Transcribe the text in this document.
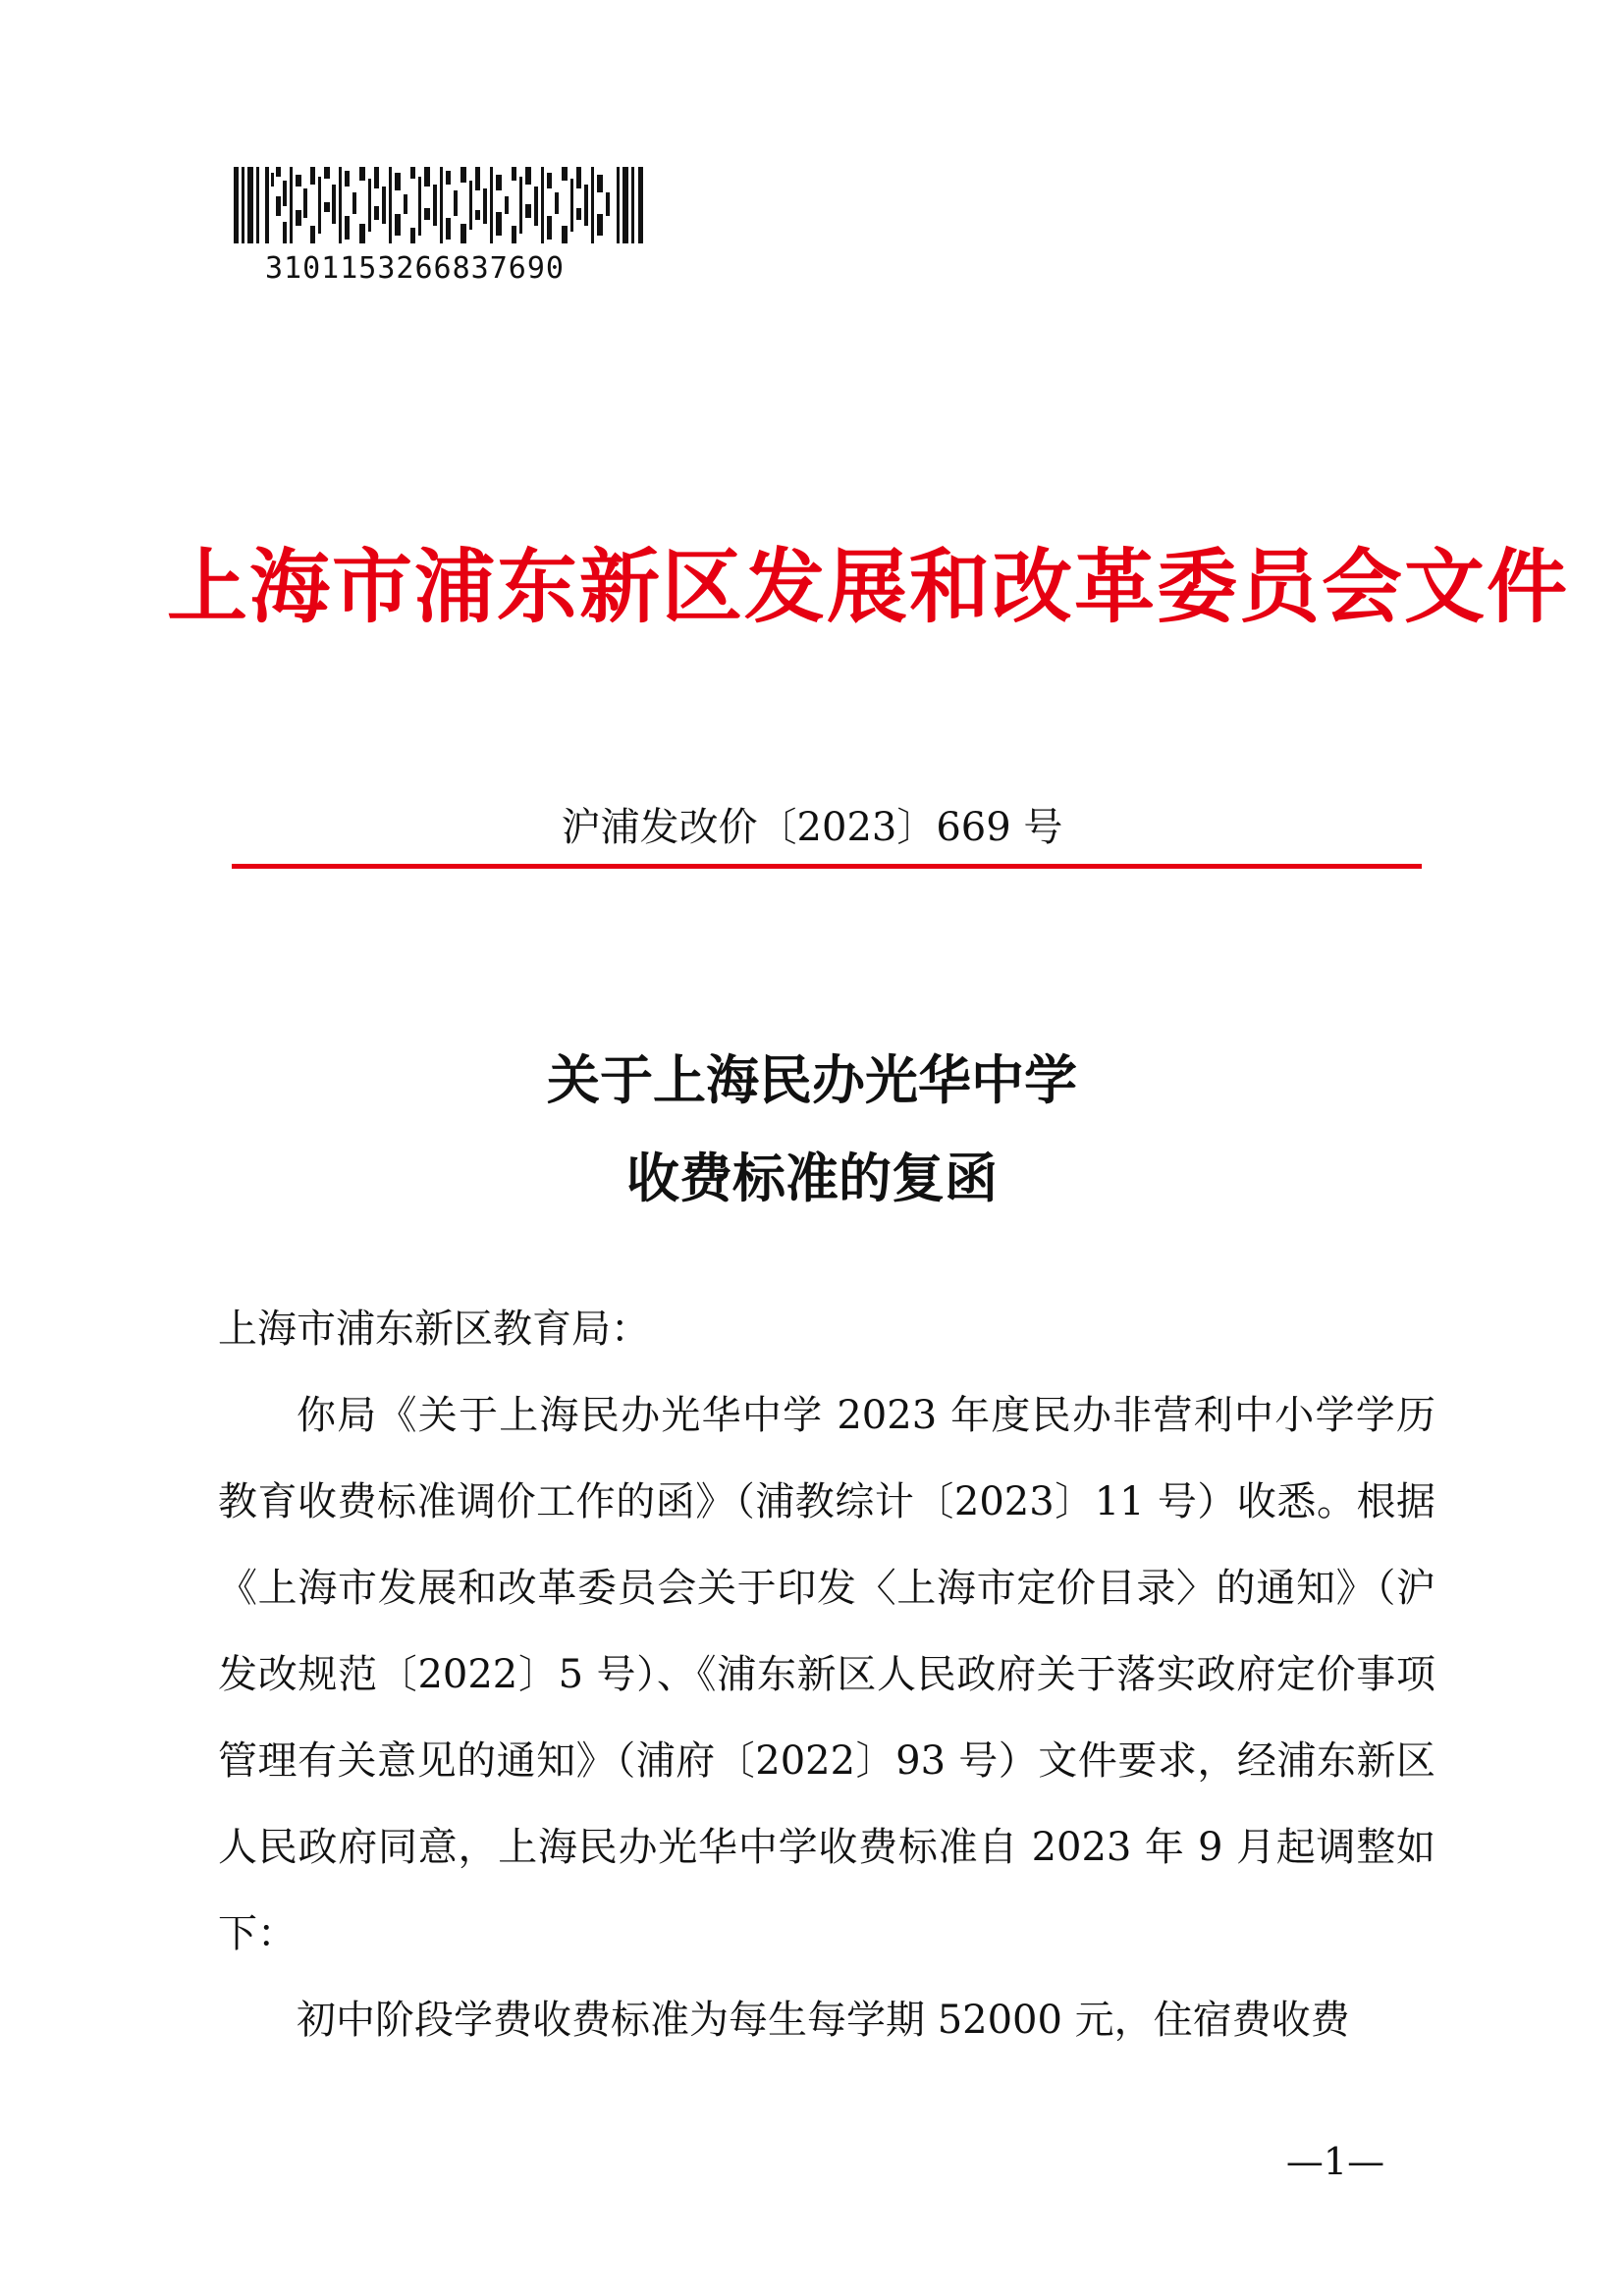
3101153266837690
上海市浦东新区发展和改革委员会文件
沪浦发改价〔2023〕669 号
关于上海民办光华中学
收费标准的复函

上海市浦东新区教育局：

你局《关于上海民办光华中学 2023 年度民办非营利中小学学历教育收费标准调价工作的函》（浦教综计〔2023〕11 号）收悉。根据《上海市发展和改革委员会关于印发〈上海市定价目录〉的通知》（沪发改规范〔2022〕5 号）、《浦东新区人民政府关于落实政府定价事项管理有关意见的通知》（浦府〔2022〕93 号）文件要求，经浦东新区人民政府同意，上海民办光华中学收费标准自 2023 年 9 月起调整如下：

初中阶段学费收费标准为每生每学期 52000 元，住宿费收费

—1—
